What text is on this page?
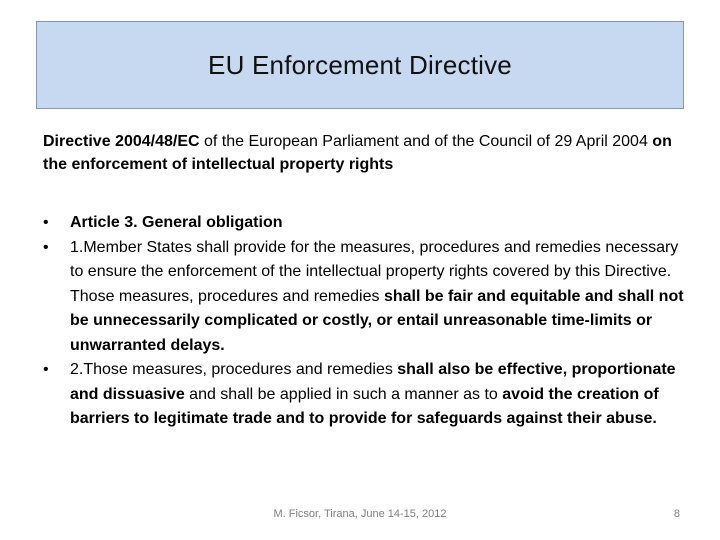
EU Enforcement Directive
Directive 2004/48/EC of the European Parliament and of the Council of 29 April 2004 on the enforcement of intellectual property rights
•	Article 3. General obligation
•	1.Member States shall provide for the measures, procedures and remedies necessary to ensure the enforcement of the intellectual property rights covered by this Directive. Those measures, procedures and remedies shall be fair and equitable and shall not be unnecessarily complicated or costly, or entail unreasonable time-limits or unwarranted delays.
•	2.Those measures, procedures and remedies shall also be effective, proportionate and dissuasive and shall be applied in such a manner as to avoid the creation of barriers to legitimate trade and to provide for safeguards against their abuse.
M. Ficsor, Tirana, June 14-15, 2012	8
